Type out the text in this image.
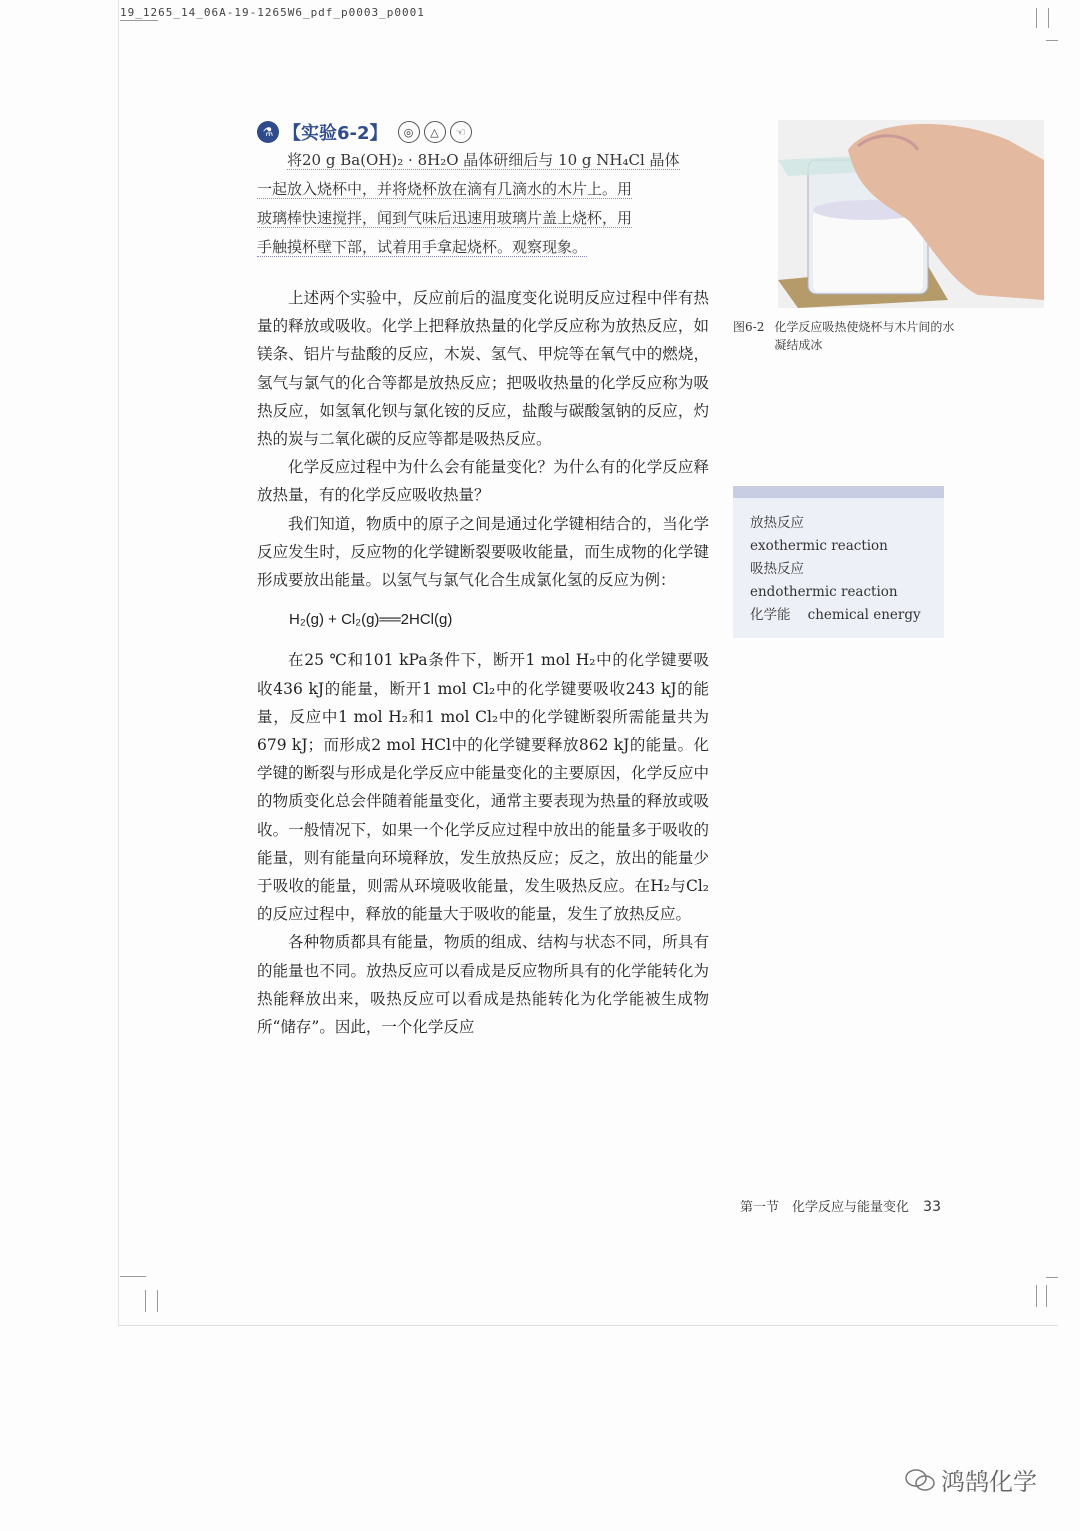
19_1265_14_06A-19-1265W6_pdf_p0003_p0001
⚗ 【实验6-2】	◎	△	☜

将20 g Ba(OH)₂ · 8H₂O 晶体研细后与 10 g NH₄Cl 晶体

一起放入烧杯中，并将烧杯放在滴有几滴水的木片上。用

玻璃棒快速搅拌，闻到气味后迅速用玻璃片盖上烧杯，用

手触摸杯壁下部，试着用手拿起烧杯。观察现象。

图6-2 化学反应吸热使烧杯与木片间的水凝结成冰

上述两个实验中，反应前后的温度变化说明反应过程中伴有热量的释放或吸收。化学上把释放热量的化学反应称为放热反应，如镁条、铝片与盐酸的反应，木炭、氢气、甲烷等在氧气中的燃烧，氢气与氯气的化合等都是放热反应；把吸收热量的化学反应称为吸热反应，如氢氧化钡与氯化铵的反应，盐酸与碳酸氢钠的反应，灼热的炭与二氧化碳的反应等都是吸热反应。

化学反应过程中为什么会有能量变化？为什么有的化学反应释放热量，有的化学反应吸收热量？

我们知道，物质中的原子之间是通过化学键相结合的，当化学反应发生时，反应物的化学键断裂要吸收能量，而生成物的化学键形成要放出能量。以氢气与氯气化合生成氯化氢的反应为例：

H₂(g) + Cl₂(g)══2HCl(g)

在25 ℃和101 kPa条件下，断开1 mol H₂中的化学键要吸收436 kJ的能量，断开1 mol Cl₂中的化学键要吸收243 kJ的能量，反应中1 mol H₂和1 mol Cl₂中的化学键断裂所需能量共为679 kJ；而形成2 mol HCl中的化学键要释放862 kJ的能量。化学键的断裂与形成是化学反应中能量变化的主要原因，化学反应中的物质变化总会伴随着能量变化，通常主要表现为热量的释放或吸收。一般情况下，如果一个化学反应过程中放出的能量多于吸收的能量，则有能量向环境释放，发生放热反应；反之，放出的能量少于吸收的能量，则需从环境吸收能量，发生吸热反应。在H₂与Cl₂的反应过程中，释放的能量大于吸收的能量，发生了放热反应。

各种物质都具有能量，物质的组成、结构与状态不同，所具有的能量也不同。放热反应可以看成是反应物所具有的化学能转化为热能释放出来，吸热反应可以看成是热能转化为化学能被生成物所“储存”。因此，一个化学反应

放热反应
exothermic reaction
吸热反应
endothermic reaction
化学能    chemical energy
第一节　化学反应与能量变化 33
鸿鹄化学
